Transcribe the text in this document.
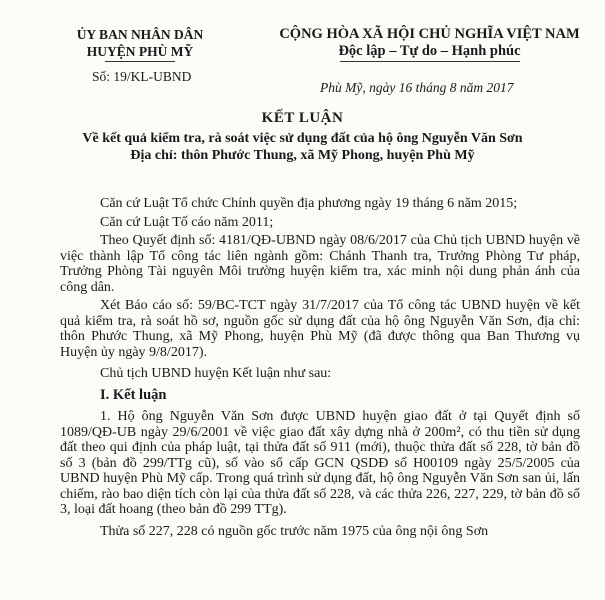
ỦY BAN NHÂN DÂN
HUYỆN PHÙ MỸ
Số: 19/KL-UBND
CỘNG HÒA XÃ HỘI CHỦ NGHĨA VIỆT NAM
Độc lập – Tự do – Hạnh phúc
Phù Mỹ, ngày 16 tháng 8 năm 2017
KẾT LUẬN
Về kết quả kiểm tra, rà soát việc sử dụng đất của hộ ông Nguyễn Văn Sơn
Địa chỉ: thôn Phước Thung, xã Mỹ Phong, huyện Phù Mỹ

Căn cứ Luật Tổ chức Chính quyền địa phương ngày 19 tháng 6 năm 2015;

Căn cứ Luật Tố cáo năm 2011;

Theo Quyết định số: 4181/QĐ-UBND ngày 08/6/2017 của Chủ tịch UBND huyện về việc thành lập Tổ công tác liên ngành gồm: Chánh Thanh tra, Trưởng Phòng Tư pháp, Trưởng Phòng Tài nguyên Môi trường huyện kiểm tra, xác minh nội dung phản ánh của công dân.

Xét Báo cáo số: 59/BC-TCT ngày 31/7/2017 của Tổ công tác UBND huyện về kết quả kiểm tra, rà soát hồ sơ, nguồn gốc sử dụng đất của hộ ông Nguyễn Văn Sơn, địa chỉ: thôn Phước Thung, xã Mỹ Phong, huyện Phù Mỹ (đã được thông qua Ban Thương vụ Huyện ủy ngày 9/8/2017).

Chủ tịch UBND huyện Kết luận như sau:

I. Kết luận

1. Hộ ông Nguyễn Văn Sơn được UBND huyện giao đất ở tại Quyết định số 1089/QĐ-UB ngày 29/6/2001 về việc giao đất xây dựng nhà ở 200m², có thu tiền sử dụng đất theo qui định của pháp luật, tại thửa đất số 911 (mới), thuộc thửa đất số 228, tờ bản đồ số 3 (bản đồ 299/TTg cũ), số vào sổ cấp GCN QSDĐ số H00109 ngày 25/5/2005 của UBND huyện Phù Mỹ cấp. Trong quá trình sử dụng đất, hộ ông Nguyễn Văn Sơn san ủi, lấn chiếm, rào bao diện tích còn lại của thửa đất số 228, và các thửa 226, 227, 229, tờ bản đồ số 3, loại đất hoang (theo bản đồ 299 TTg).

Thửa số 227, 228 có nguồn gốc trước năm 1975 của ông nội ông Sơn
